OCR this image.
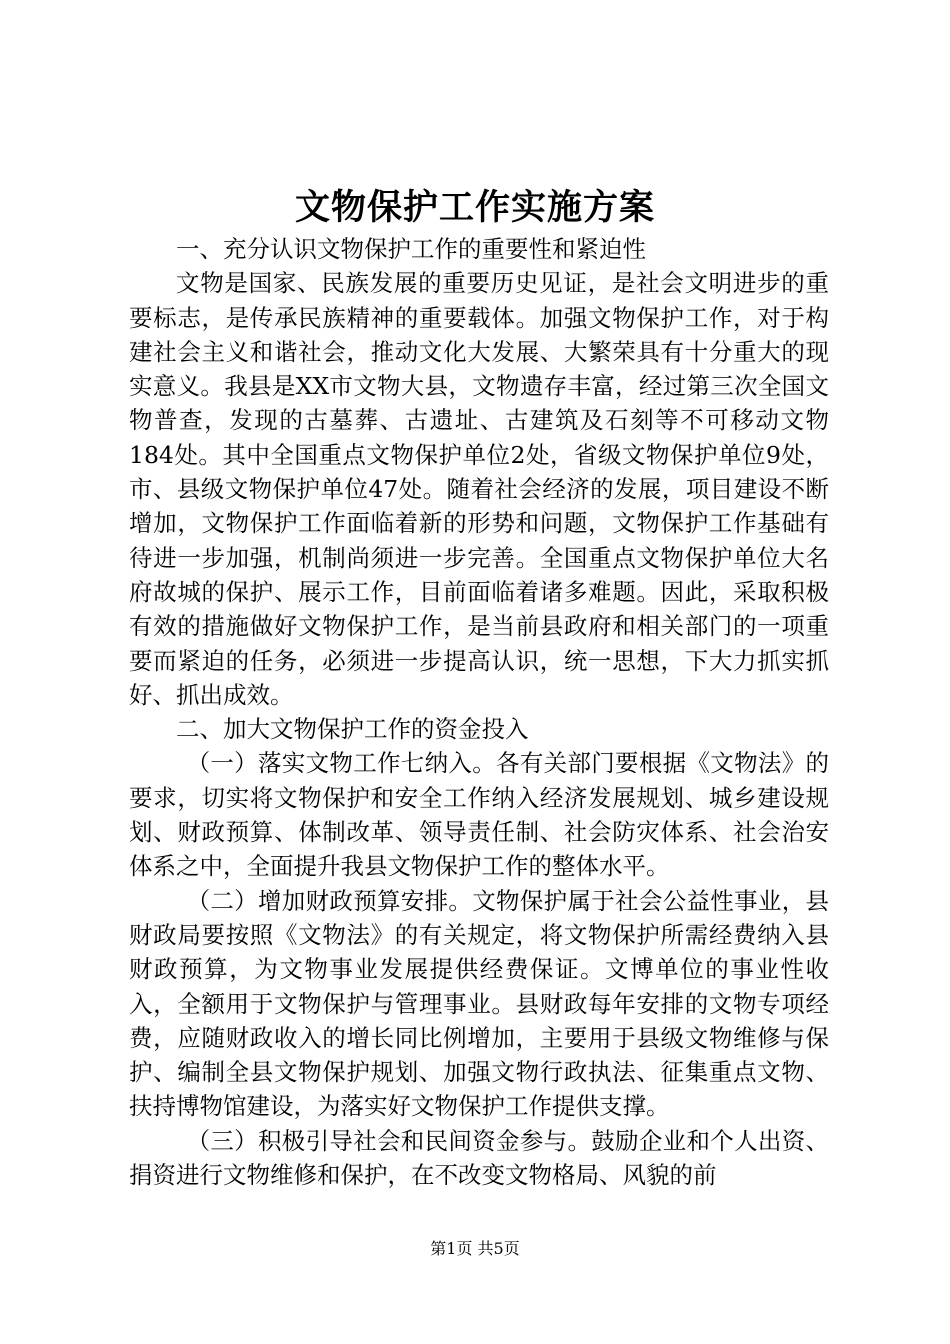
文物保护工作实施方案

一、充分认识文物保护工作的重要性和紧迫性

文物是国家、民族发展的重要历史见证，是社会文明进步的重要标志，是传承民族精神的重要载体。加强文物保护工作，对于构建社会主义和谐社会，推动文化大发展、大繁荣具有十分重大的现实意义。我县是XX市文物大县，文物遗存丰富，经过第三次全国文物普查，发现的古墓葬、古遗址、古建筑及石刻等不可移动文物184处。其中全国重点文物保护单位2处，省级文物保护单位9处，市、县级文物保护单位47处。随着社会经济的发展，项目建设不断增加，文物保护工作面临着新的形势和问题，文物保护工作基础有待进一步加强，机制尚须进一步完善。全国重点文物保护单位大名府故城的保护、展示工作，目前面临着诸多难题。因此，采取积极有效的措施做好文物保护工作，是当前县政府和相关部门的一项重要而紧迫的任务，必须进一步提高认识，统一思想，下大力抓实抓好、抓出成效。

二、加大文物保护工作的资金投入

（一）落实文物工作七纳入。各有关部门要根据《文物法》的要求，切实将文物保护和安全工作纳入经济发展规划、城乡建设规划、财政预算、体制改革、领导责任制、社会防灾体系、社会治安体系之中，全面提升我县文物保护工作的整体水平。

（二）增加财政预算安排。文物保护属于社会公益性事业，县财政局要按照《文物法》的有关规定，将文物保护所需经费纳入县财政预算，为文物事业发展提供经费保证。文博单位的事业性收入，全额用于文物保护与管理事业。县财政每年安排的文物专项经费，应随财政收入的增长同比例增加，主要用于县级文物维修与保护、编制全县文物保护规划、加强文物行政执法、征集重点文物、扶持博物馆建设，为落实好文物保护工作提供支撑。

（三）积极引导社会和民间资金参与。鼓励企业和个人出资、捐资进行文物维修和保护，在不改变文物格局、风貌的前

第1页 共5页
